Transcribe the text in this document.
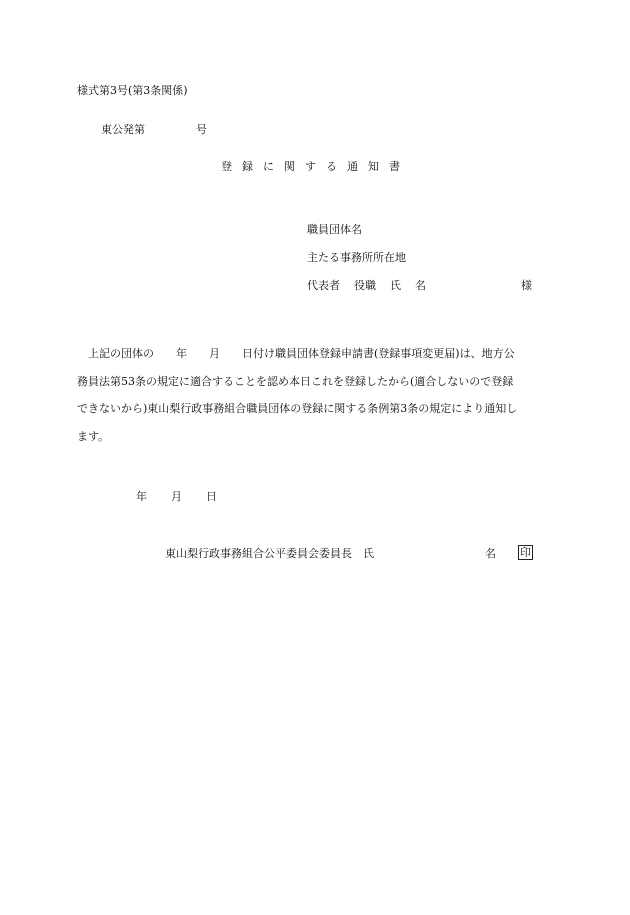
様式第3号(第3条関係)
東公発第	号
登 録 に 関 す る 通 知 書
職員団体名
主たる事務所所在地
代表者 役職 氏 名	様
　上記の団体の　　年　　月　　日付け職員団体登録申請書(登録事項変更届)は、地方公
務員法第53条の規定に適合することを認め本日これを登録したから(適合しないので登録
できないから)東山梨行政事務組合職員団体の登録に関する条例第3条の規定により通知し
ます。
年 月 日
東山梨行政事務組合公平委員会委員長　氏	名 印
